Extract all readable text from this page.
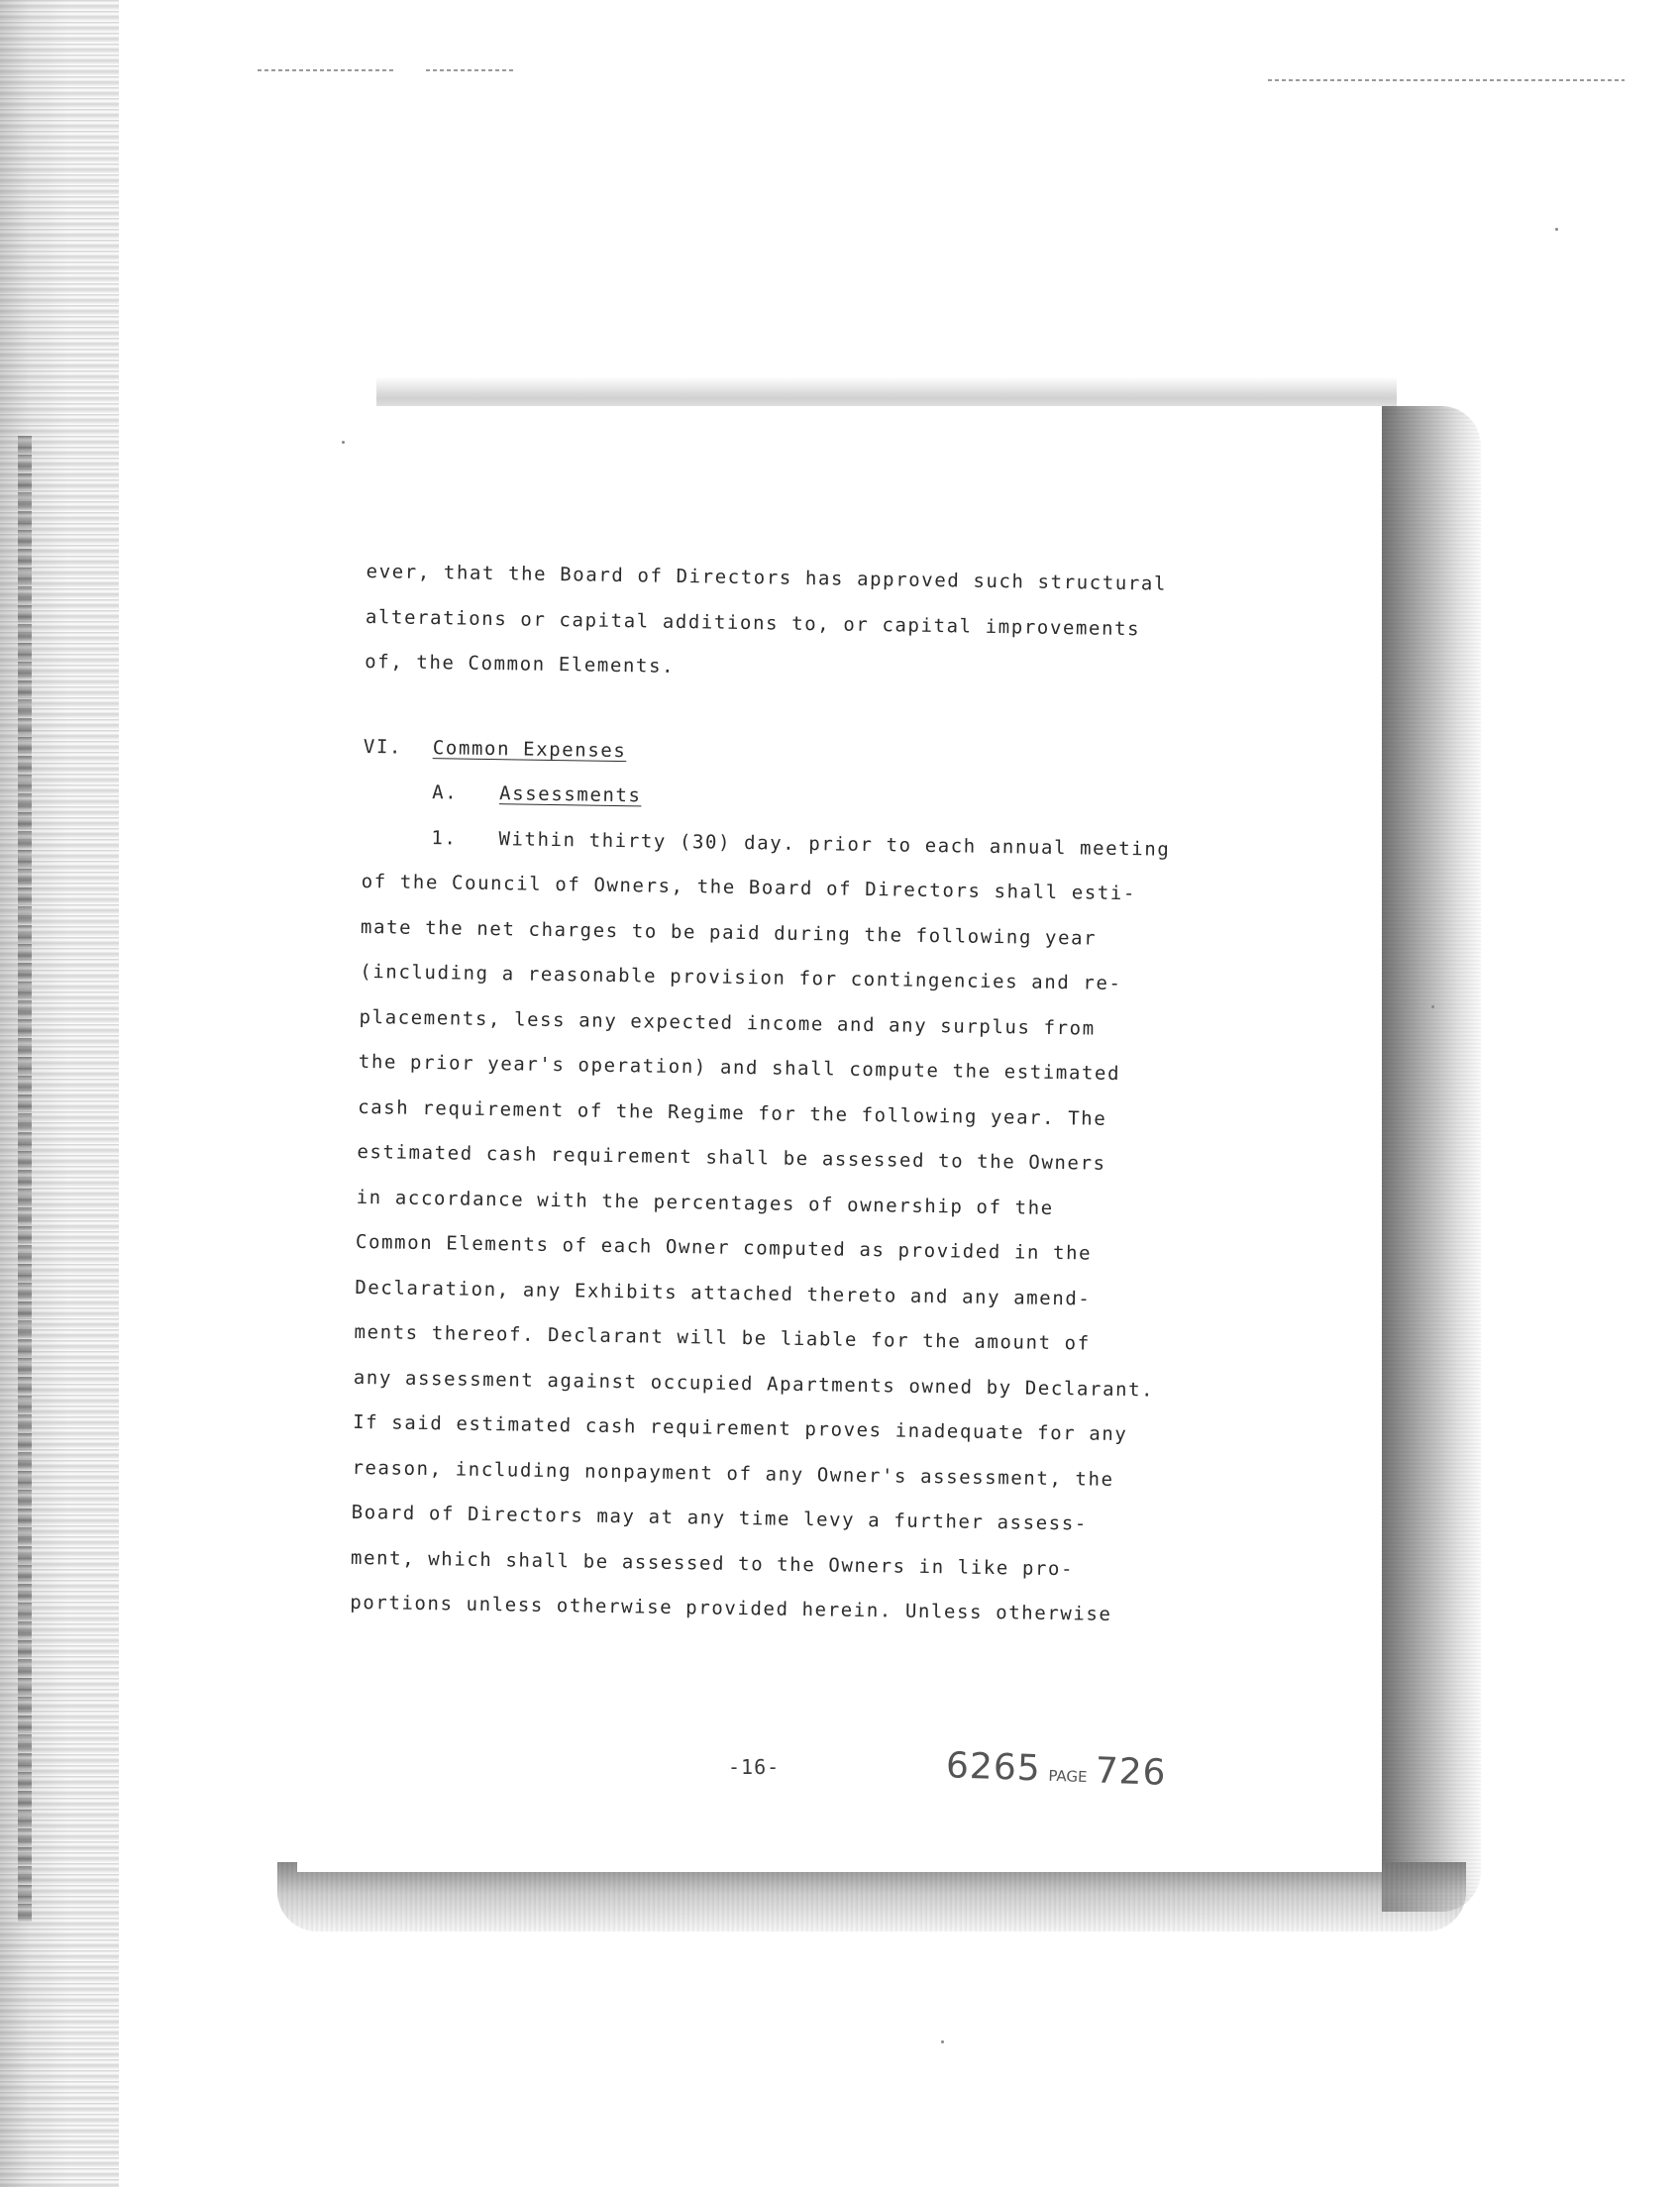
ever, that the Board of Directors has approved such structural
alterations or capital additions to, or capital improvements
of, the Common Elements.
VI. Common Expenses
A. Assessments
1. Within thirty (30) day. prior to each annual meeting
of the Council of Owners, the Board of Directors shall esti-
mate the net charges to be paid during the following year
(including a reasonable provision for contingencies and re-
placements, less any expected income and any surplus from
the prior year's operation) and shall compute the estimated
cash requirement of the Regime for the following year. The
estimated cash requirement shall be assessed to the Owners
in accordance with the percentages of ownership of the
Common Elements of each Owner computed as provided in the
Declaration, any Exhibits attached thereto and any amend-
ments thereof. Declarant will be liable for the amount of
any assessment against occupied Apartments owned by Declarant.
If said estimated cash requirement proves inadequate for any
reason, including nonpayment of any Owner's assessment, the
Board of Directors may at any time levy a further assess-
ment, which shall be assessed to the Owners in like pro-
portions unless otherwise provided herein. Unless otherwise
-16-	6265 PAGE 726
